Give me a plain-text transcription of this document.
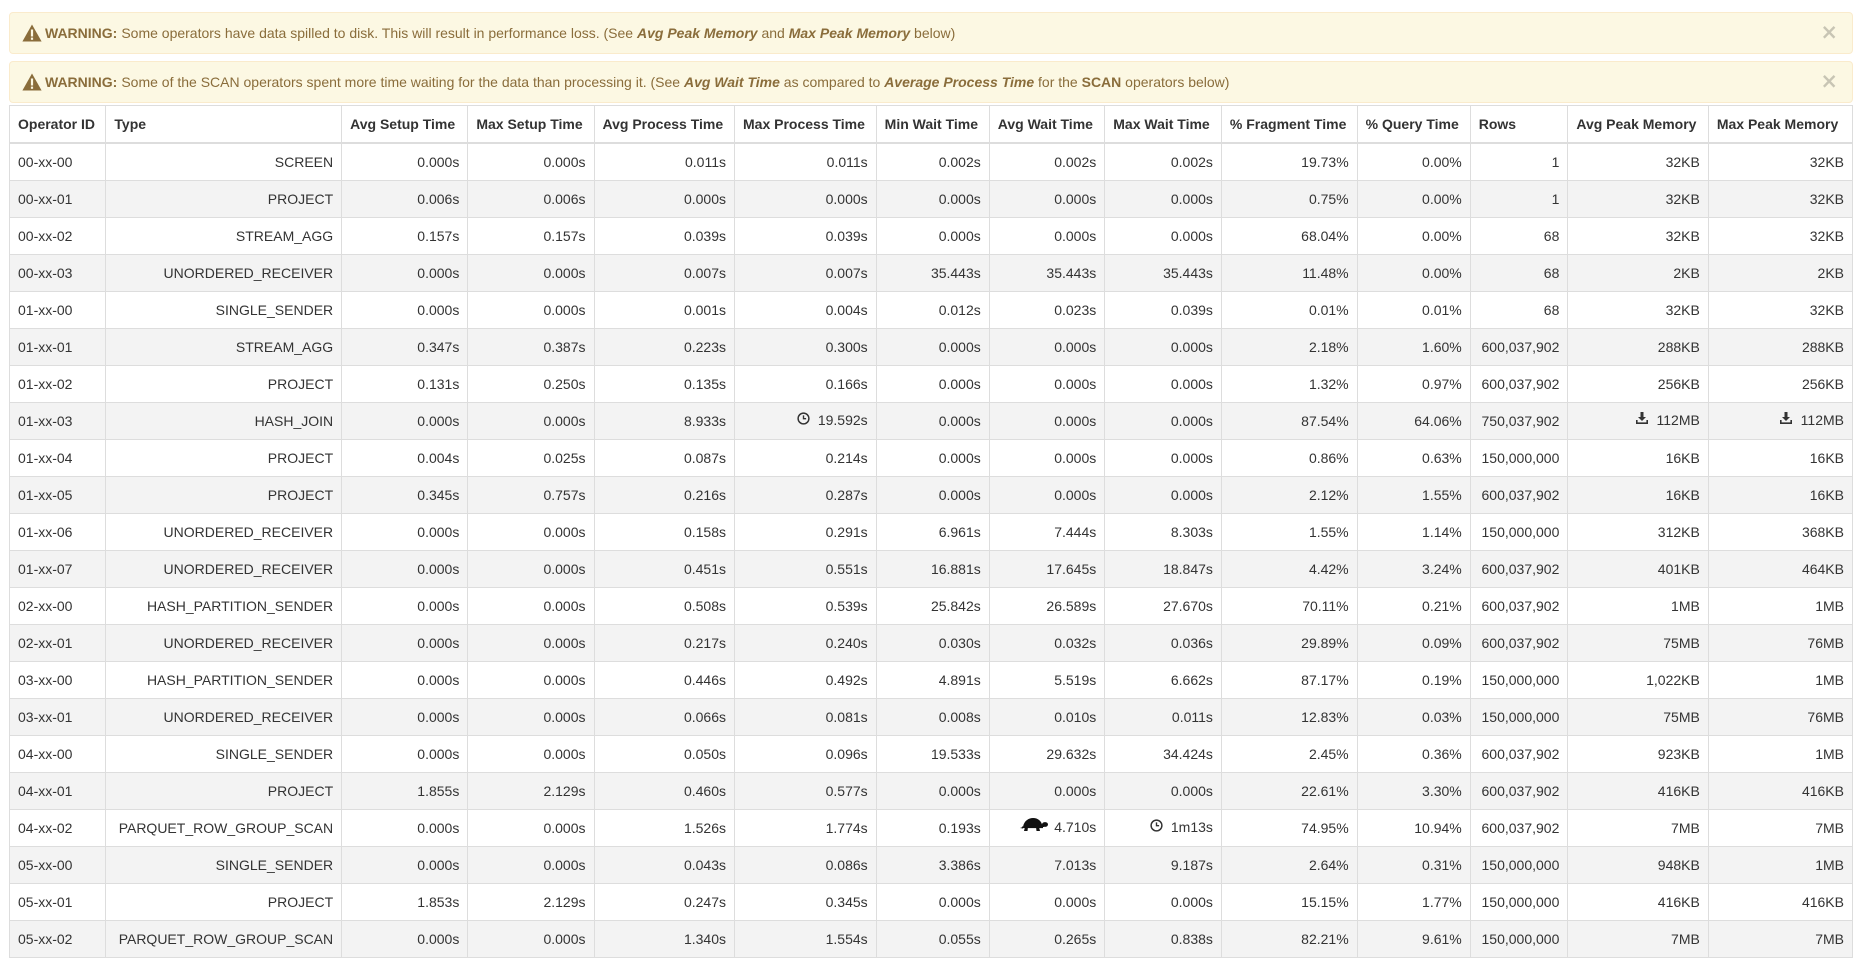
WARNING: Some operators have data spilled to disk. This will result in performance loss. (See Avg Peak Memory and Max Peak Memory below)	×
WARNING: Some of the SCAN operators spent more time waiting for the data than processing it. (See Avg Wait Time as compared to Average Process Time for the SCAN operators below)	×
Operator ID	Type	Avg Setup Time	Max Setup Time	Avg Process Time	Max Process Time	Min Wait Time	Avg Wait Time	Max Wait Time	% Fragment Time	% Query Time	Rows	Avg Peak Memory	Max Peak Memory
00-xx-00	SCREEN	0.000s	0.000s	0.011s	0.011s	0.002s	0.002s	0.002s	19.73%	0.00%	1	32KB	32KB
00-xx-01	PROJECT	0.006s	0.006s	0.000s	0.000s	0.000s	0.000s	0.000s	0.75%	0.00%	1	32KB	32KB
00-xx-02	STREAM_AGG	0.157s	0.157s	0.039s	0.039s	0.000s	0.000s	0.000s	68.04%	0.00%	68	32KB	32KB
00-xx-03	UNORDERED_RECEIVER	0.000s	0.000s	0.007s	0.007s	35.443s	35.443s	35.443s	11.48%	0.00%	68	2KB	2KB
01-xx-00	SINGLE_SENDER	0.000s	0.000s	0.001s	0.004s	0.012s	0.023s	0.039s	0.01%	0.01%	68	32KB	32KB
01-xx-01	STREAM_AGG	0.347s	0.387s	0.223s	0.300s	0.000s	0.000s	0.000s	2.18%	1.60%	600,037,902	288KB	288KB
01-xx-02	PROJECT	0.131s	0.250s	0.135s	0.166s	0.000s	0.000s	0.000s	1.32%	0.97%	600,037,902	256KB	256KB
01-xx-03	HASH_JOIN	0.000s	0.000s	8.933s	19.592s	0.000s	0.000s	0.000s	87.54%	64.06%	750,037,902	112MB	112MB
01-xx-04	PROJECT	0.004s	0.025s	0.087s	0.214s	0.000s	0.000s	0.000s	0.86%	0.63%	150,000,000	16KB	16KB
01-xx-05	PROJECT	0.345s	0.757s	0.216s	0.287s	0.000s	0.000s	0.000s	2.12%	1.55%	600,037,902	16KB	16KB
01-xx-06	UNORDERED_RECEIVER	0.000s	0.000s	0.158s	0.291s	6.961s	7.444s	8.303s	1.55%	1.14%	150,000,000	312KB	368KB
01-xx-07	UNORDERED_RECEIVER	0.000s	0.000s	0.451s	0.551s	16.881s	17.645s	18.847s	4.42%	3.24%	600,037,902	401KB	464KB
02-xx-00	HASH_PARTITION_SENDER	0.000s	0.000s	0.508s	0.539s	25.842s	26.589s	27.670s	70.11%	0.21%	600,037,902	1MB	1MB
02-xx-01	UNORDERED_RECEIVER	0.000s	0.000s	0.217s	0.240s	0.030s	0.032s	0.036s	29.89%	0.09%	600,037,902	75MB	76MB
03-xx-00	HASH_PARTITION_SENDER	0.000s	0.000s	0.446s	0.492s	4.891s	5.519s	6.662s	87.17%	0.19%	150,000,000	1,022KB	1MB
03-xx-01	UNORDERED_RECEIVER	0.000s	0.000s	0.066s	0.081s	0.008s	0.010s	0.011s	12.83%	0.03%	150,000,000	75MB	76MB
04-xx-00	SINGLE_SENDER	0.000s	0.000s	0.050s	0.096s	19.533s	29.632s	34.424s	2.45%	0.36%	600,037,902	923KB	1MB
04-xx-01	PROJECT	1.855s	2.129s	0.460s	0.577s	0.000s	0.000s	0.000s	22.61%	3.30%	600,037,902	416KB	416KB
04-xx-02	PARQUET_ROW_GROUP_SCAN	0.000s	0.000s	1.526s	1.774s	0.193s	4.710s	1m13s	74.95%	10.94%	600,037,902	7MB	7MB
05-xx-00	SINGLE_SENDER	0.000s	0.000s	0.043s	0.086s	3.386s	7.013s	9.187s	2.64%	0.31%	150,000,000	948KB	1MB
05-xx-01	PROJECT	1.853s	2.129s	0.247s	0.345s	0.000s	0.000s	0.000s	15.15%	1.77%	150,000,000	416KB	416KB
05-xx-02	PARQUET_ROW_GROUP_SCAN	0.000s	0.000s	1.340s	1.554s	0.055s	0.265s	0.838s	82.21%	9.61%	150,000,000	7MB	7MB
